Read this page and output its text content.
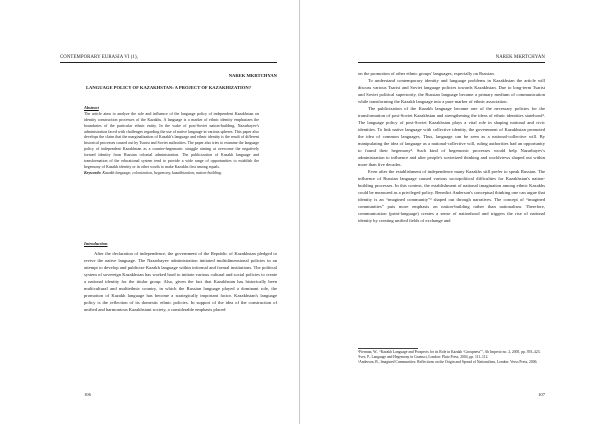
CONTEMPORARY EURASIA VI (1),
NAREK MKRTCHYAN
LANGUAGE POLICY OF KAZAKHSTAN: A PROJECT OF KAZAKHIZATION?
Abstract

The article aims to analyze the role and influence of the language policy of independent Kazakhstan on identity construction processes of the Kazakhs. A language is a marker of ethnic identity emphasizes the boundaries of the particular ethnic entity. In the wake of post-Soviet nation-building, Nazarbayev's administration faced with challenges regarding the use of native language in various spheres. This paper also develops the claim that the marginalization of Kazakh's language and ethnic identity is the result of different historical processes caused out by Tsarist and Soviet authorities. The paper also tries to examine the language policy of independent Kazakhstan as a counter-hegemonic struggle aiming at overcome the negatively formed identity from Russian colonial administration. The publicization of Kazakh language and transformation of the educational system tend to provide a wide range of opportunities to establish the hegemony of Kazakh identity or in other words to make Kazakhs first among equals.

Keywords: Kazakh language, colonization, hegemony, kazakhization, nation-building.

Introduction

After the declaration of independence, the government of the Republic of Kazakhstan pledged to revive the native language. The Nazarbayev administration initiated multidimensional policies in an attempt to develop and publicize Kazakh language within informal and formal institutions. The political system of sovereign Kazakhstan has worked hard to initiate various cultural and social policies to create a national identity for the titular group. Also, given the fact that Kazakhstan has historically been multicultural and multiethnic country, in which the Russian language played a dominant role, the promotion of Kazakh language has become a strategically important factor. Kazakhstan's language policy is the reflection of its domestic ethnic policies. In support of the idea of the construction of unified and harmonious Kazakhstani society, a considerable emphasis placed

106
NAREK MKRTCHYAN

on the promotion of other ethnic groups' languages, especially on Russian.

To understand contemporary identity and language problems in Kazakhstan the article will discuss various Tsarist and Soviet language policies towards Kazakhstan. Due to long-term Tsarist and Soviet political superiority, the Russian language became a primary medium of communication while transforming the Kazakh language into a pure marker of ethnic association.

The publicization of the Kazakh language became one of the necessary policies for the transformation of post-Soviet Kazakhstan and strengthening the ideas of ethnic identities statehood¹. The language policy of post-Soviet Kazakhstan plays a vital role in shaping national and civic identities. To link native language with collective identity, the government of Kazakhstan promoted the idea of common languages. Thus, language can be seen as a national-collective will. By manipulating the idea of language as a national-collective will, ruling authorities had an opportunity to found their hegemony². Such kind of hegemonic processes would help Nazarbayev's administration to influence and alter people's sovietized thinking and worldviews shaped out within more than five decades.

Even after the establishment of independence many Kazakhs still prefer to speak Russian. The influence of Russian language caused various sociopolitical difficulties for Kazakhstan's nation-building processes. In this context, the establishment of national imagination among ethnic Kazakhs could be measured as a privileged policy. Benedict Anderson's conceptual thinking one can argue that identity is an “imagined community”³ shaped out through narratives. The concept of “imagined communities” puts more emphasis on nation-building rather than nationalism. Therefore, communication (print-language) creates a sense of nationhood and triggers the rise of national identity by creating unified fields of exchange and

¹Fierman, W., “Kazakh Language and Prospects for its Role in Kazakh ‘Groupness’”, Ab Imperio no. 2, 2005, pp. 393–423.

²Ives, P., Language and Hegemony in Gramsci, London: Pluto Press, 2004, pp. 111–112.

³Anderson, B., Imagined Communities: Reflections on the Origin and Spread of Nationalism, London: Verso Press, 2006.

107
